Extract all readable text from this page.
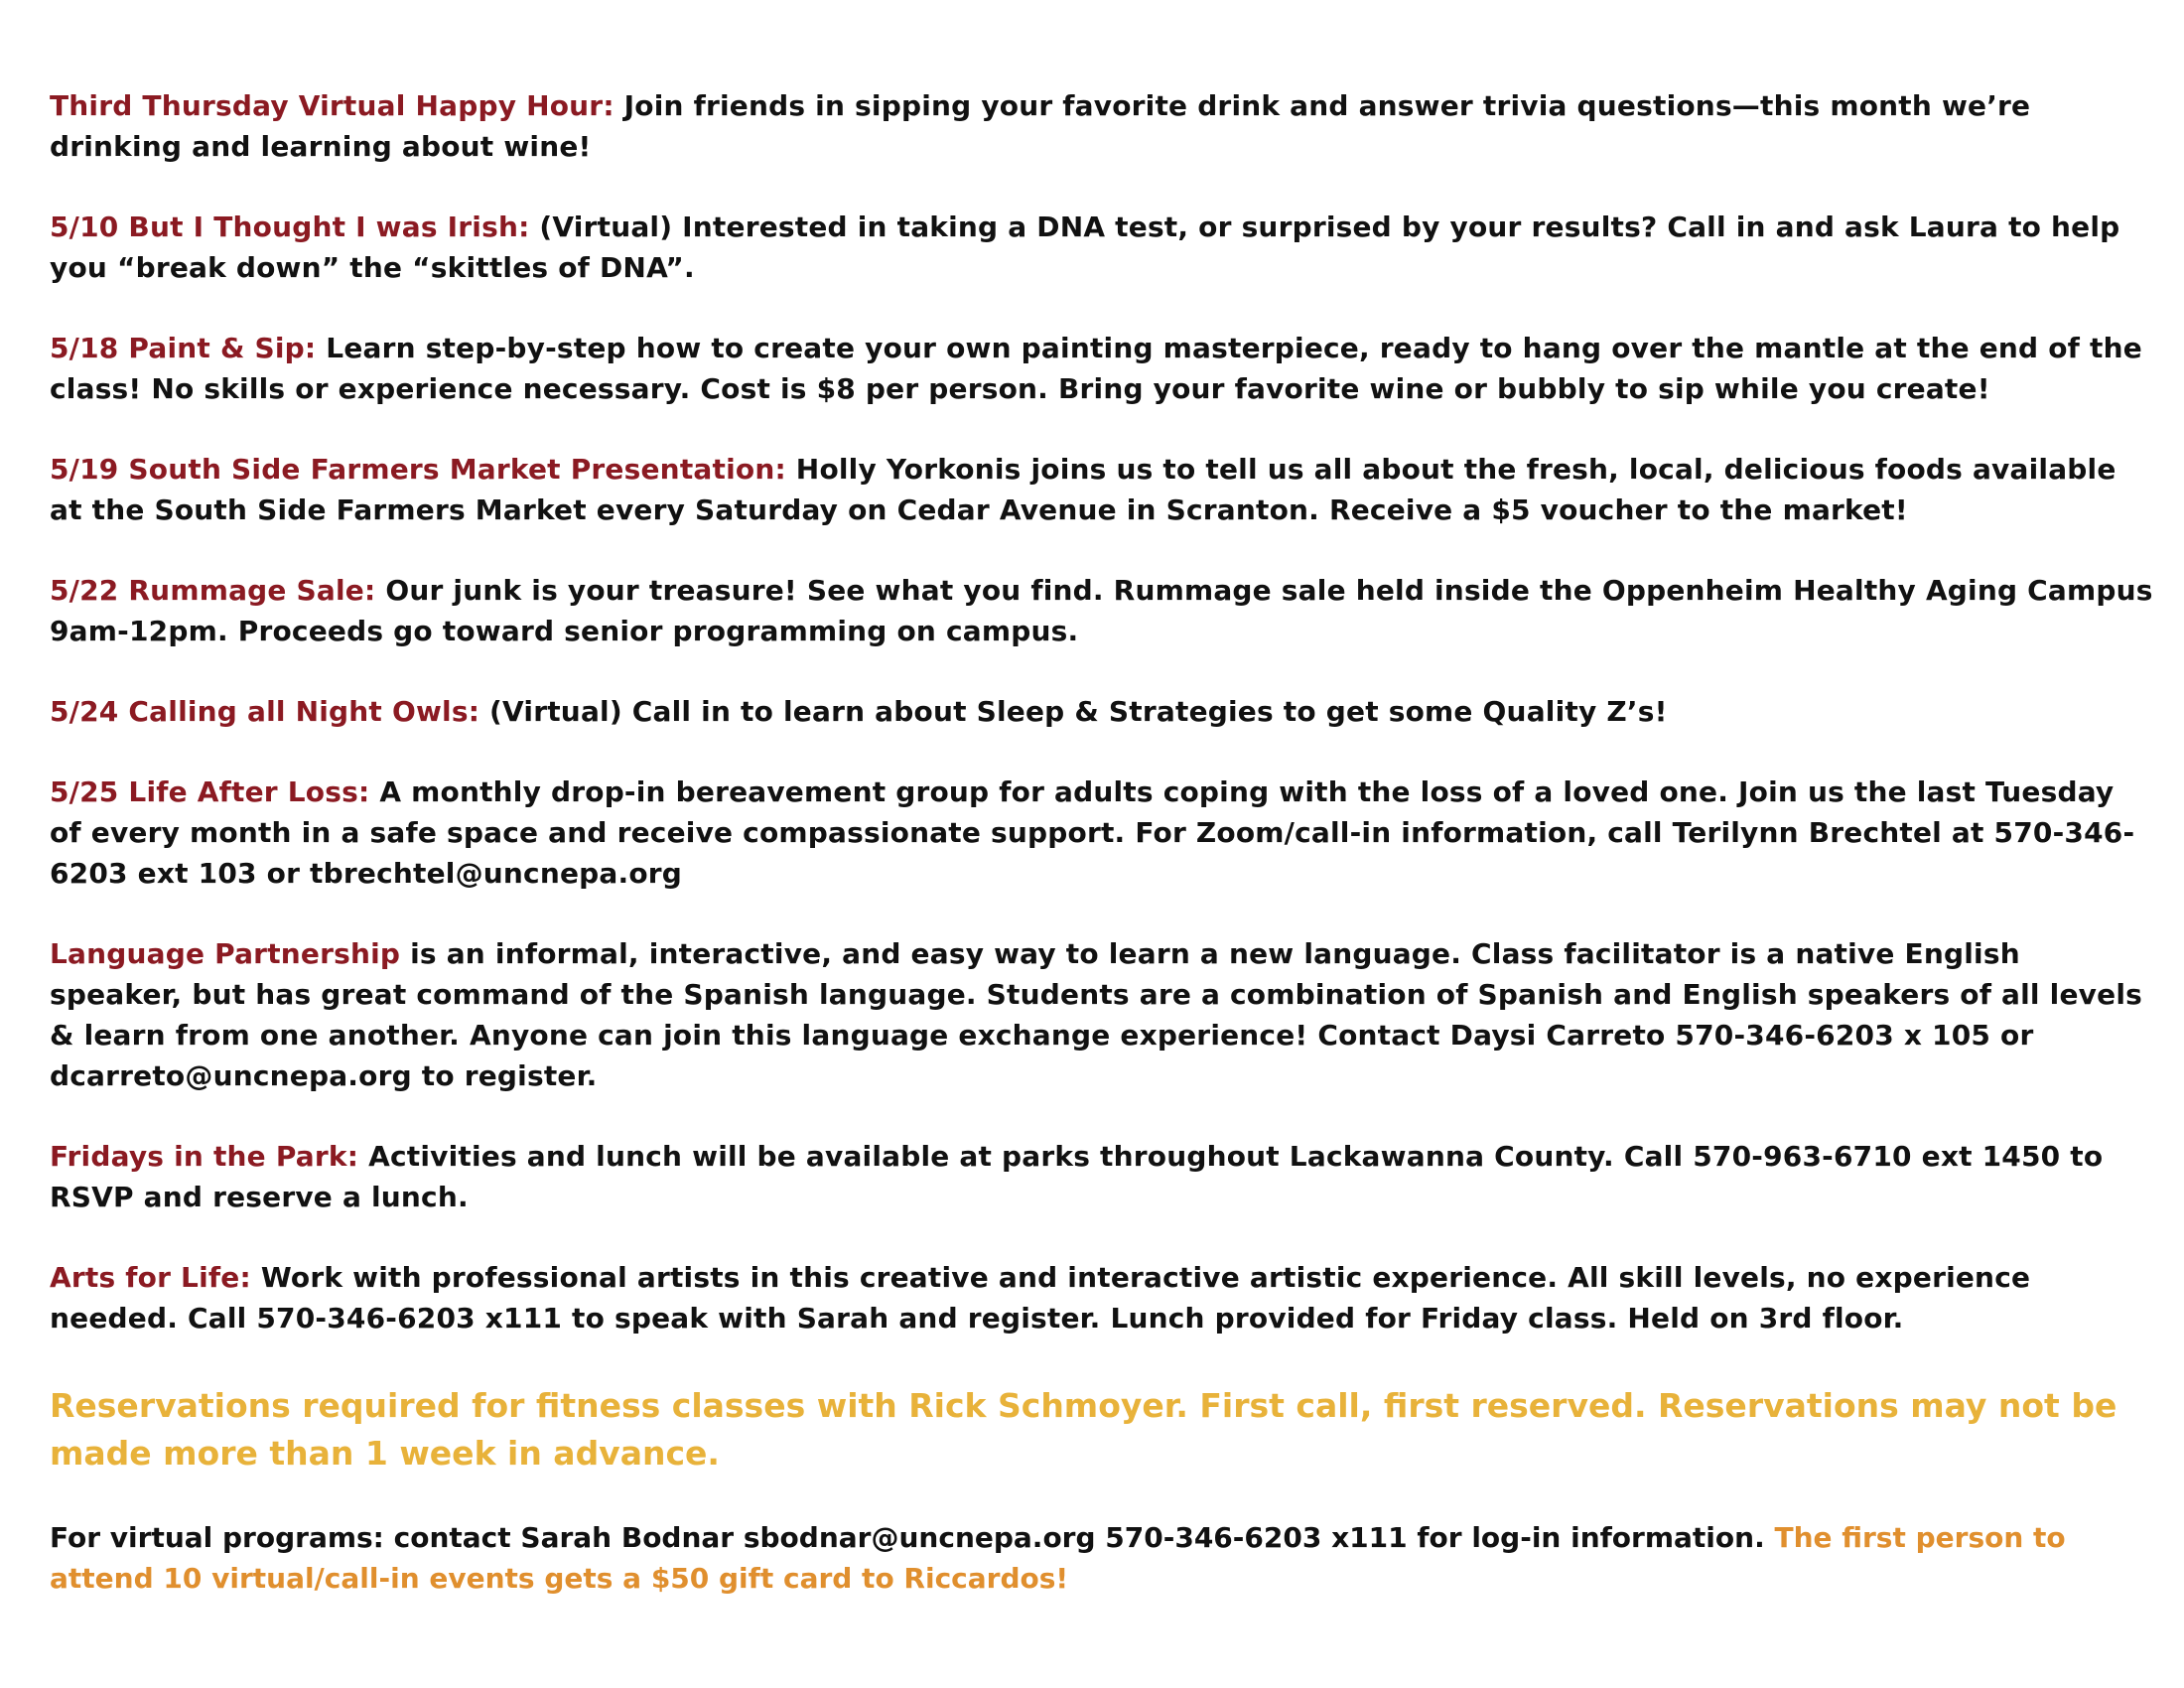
Third Thursday Virtual Happy Hour: Join friends in sipping your favorite drink and answer trivia questions—this month we’re drinking and learning about wine!

5/10 But I Thought I was Irish: (Virtual) Interested in taking a DNA test, or surprised by your results? Call in and ask Laura to help you “break down” the “skittles of DNA”.

5/18 Paint & Sip: Learn step-by-step how to create your own painting masterpiece, ready to hang over the mantle at the end of the class! No skills or experience necessary. Cost is $8 per person. Bring your favorite wine or bubbly to sip while you create!

5/19 South Side Farmers Market Presentation: Holly Yorkonis joins us to tell us all about the fresh, local, delicious foods available at the South Side Farmers Market every Saturday on Cedar Avenue in Scranton. Receive a $5 voucher to the market!

5/22 Rummage Sale: Our junk is your treasure! See what you find. Rummage sale held inside the Oppenheim Healthy Aging Campus 9am-12pm. Proceeds go toward senior programming on campus.

5/24 Calling all Night Owls: (Virtual) Call in to learn about Sleep & Strategies to get some Quality Z’s!

5/25 Life After Loss: A monthly drop-in bereavement group for adults coping with the loss of a loved one. Join us the last Tuesday of every month in a safe space and receive compassionate support. For Zoom/call-in information, call Terilynn Brechtel at 570-346-6203 ext 103 or tbrechtel@uncnepa.org

Language Partnership is an informal, interactive, and easy way to learn a new language. Class facilitator is a native English speaker, but has great command of the Spanish language. Students are a combination of Spanish and English speakers of all levels & learn from one another. Anyone can join this language exchange experience! Contact Daysi Carreto 570-346-6203 x 105 or dcarreto@uncnepa.org to register.

Fridays in the Park: Activities and lunch will be available at parks throughout Lackawanna County. Call 570-963-6710 ext 1450 to RSVP and reserve a lunch.

Arts for Life: Work with professional artists in this creative and interactive artistic experience. All skill levels, no experience needed. Call 570-346-6203 x111 to speak with Sarah and register. Lunch provided for Friday class. Held on 3rd floor.

Reservations required for fitness classes with Rick Schmoyer. First call, first reserved. Reservations may not be made more than 1 week in advance.

For virtual programs: contact Sarah Bodnar sbodnar@uncnepa.org 570-346-6203 x111 for log-in information. The first person to attend 10 virtual/call-in events gets a $50 gift card to Riccardos!
